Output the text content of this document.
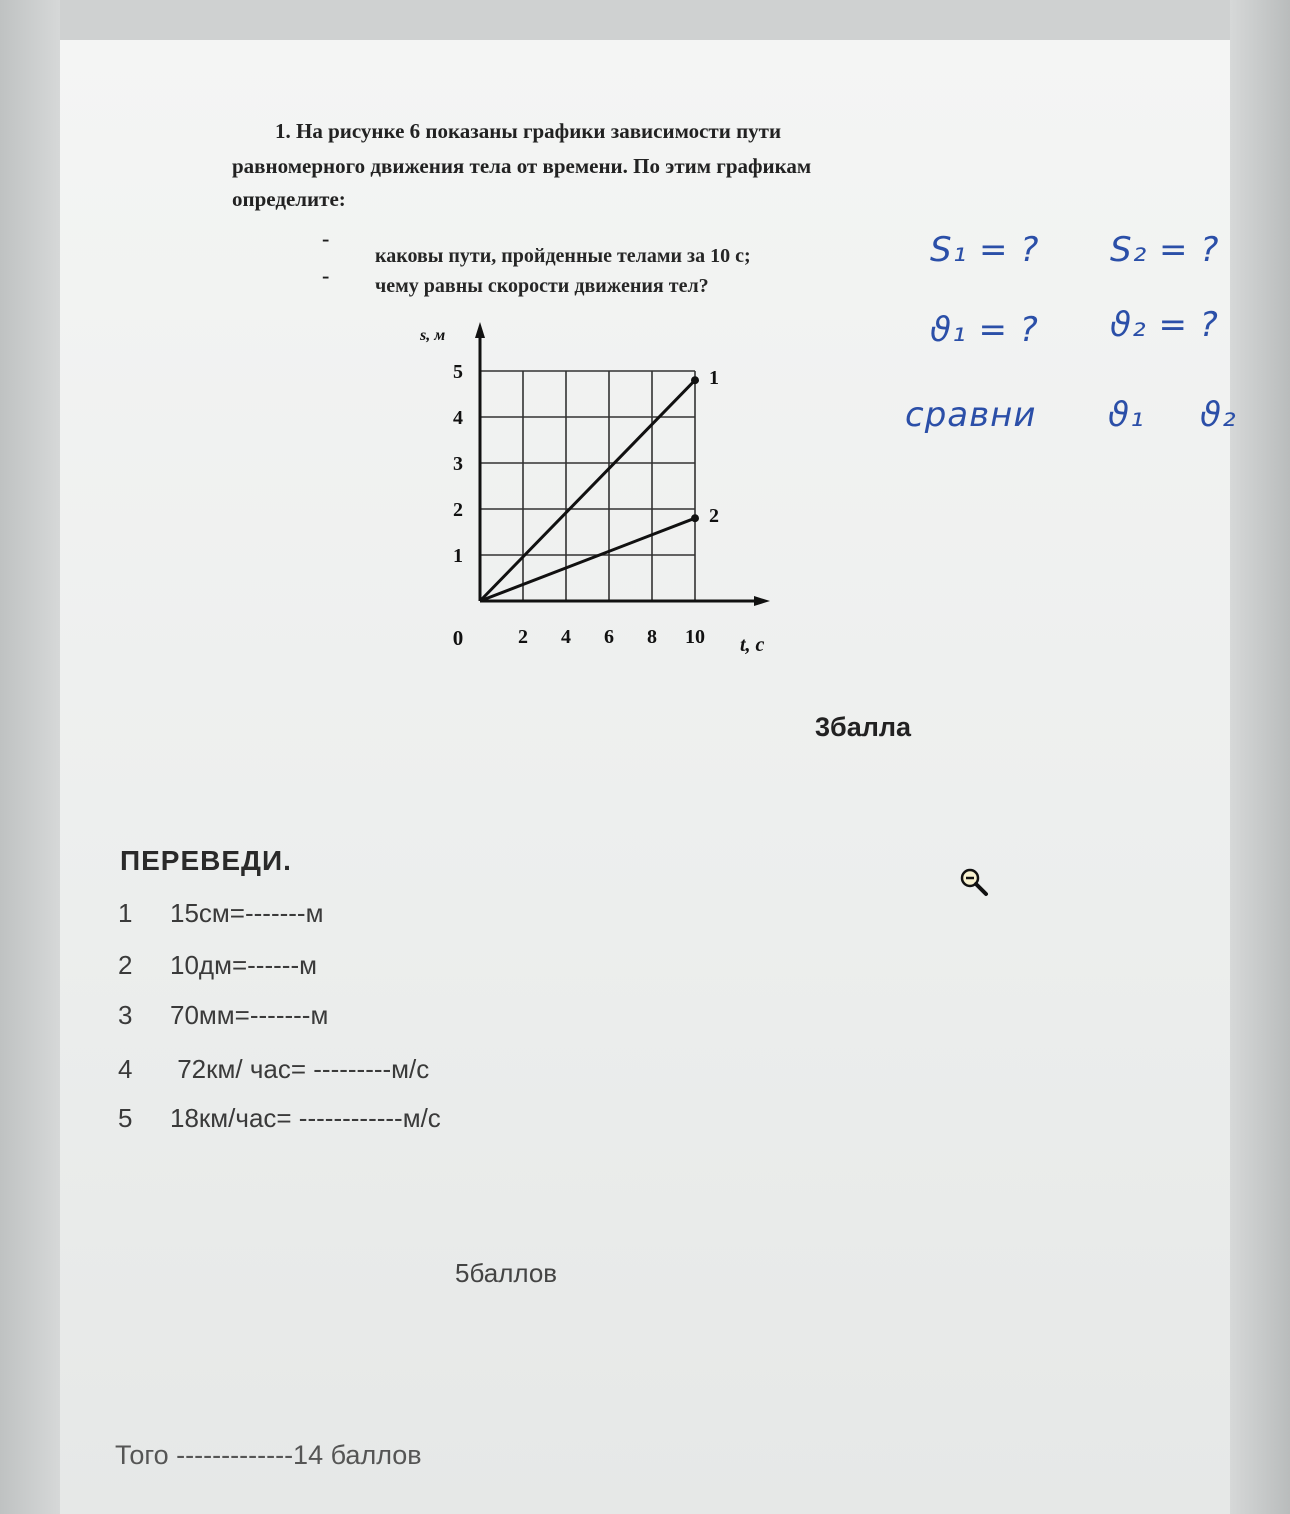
1. На рисунке 6 показаны графики зависимости пути
равномерного движения тела от времени. По этим графикам
определите:
-
каковы пути, пройденные телами за 10 с;
- чему равны скорости движения тел?
S₁ = ? S₂ = ?
ϑ₁ = ? ϑ₂ = ?
сравни ϑ₁ ϑ₂
1
2
2 4 6 8 10
1
2
3
4
5
0
s, м
t, с
3балла
ПЕРЕВЕДИ.
1 15см=-------м
2 10дм=------м
3 70мм=-------м
4 72км/ час= ---------м/с
5 18км/час= ------------м/с
5баллов
Того -------------14 баллов
